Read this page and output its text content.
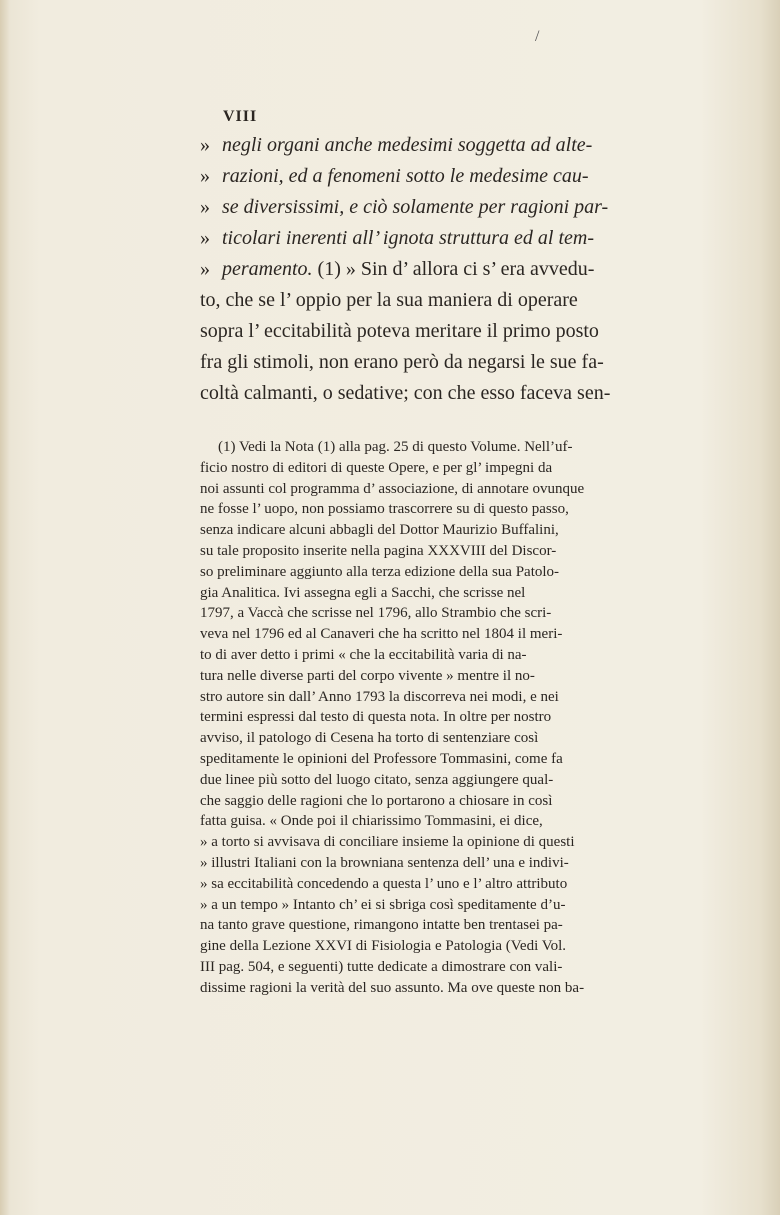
/
VIII
» negli organi anche medesimi soggetta ad alte-
» razioni, ed a fenomeni sotto le medesime cau-
» se diversissimi, e ciò solamente per ragioni par-
» ticolari inerenti all’ ignota struttura ed al tem-
» peramento. (1) » Sin d’ allora ci s’ era avvedu-
to, che se l’ oppio per la sua maniera di operare
sopra l’ eccitabilità poteva meritare il primo posto
fra gli stimoli, non erano però da negarsi le sue fa-
coltà calmanti, o sedative; con che esso faceva sen-
(1) Vedi la Nota (1) alla pag. 25 di questo Volume. Nell’uf-
ficio nostro di editori di queste Opere, e per gl’ impegni da
noi assunti col programma d’ associazione, di annotare ovunque
ne fosse l’ uopo, non possiamo trascorrere su di questo passo,
senza indicare alcuni abbagli del Dottor Maurizio Buffalini,
su tale proposito inserite nella pagina XXXVIII del Discor-
so preliminare aggiunto alla terza edizione della sua Patolo-
gia Analitica. Ivi assegna egli a Sacchi, che scrisse nel
1797, a Vaccà che scrisse nel 1796, allo Strambio che scri-
veva nel 1796 ed al Canaveri che ha scritto nel 1804 il meri-
to di aver detto i primi « che la eccitabilità varia di na-
tura nelle diverse parti del corpo vivente » mentre il no-
stro autore sin dall’ Anno 1793 la discorreva nei modi, e nei
termini espressi dal testo di questa nota. In oltre per nostro
avviso, il patologo di Cesena ha torto di sentenziare così
speditamente le opinioni del Professore Tommasini, come fa
due linee più sotto del luogo citato, senza aggiungere qual-
che saggio delle ragioni che lo portarono a chiosare in così
fatta guisa. « Onde poi il chiarissimo Tommasini, ei dice,
» a torto si avvisava di conciliare insieme la opinione di questi
» illustri Italiani con la browniana sentenza dell’ una e indivi-
» sa eccitabilità concedendo a questa l’ uno e l’ altro attributo
» a un tempo » Intanto ch’ ei si sbriga così speditamente d’u-
na tanto grave questione, rimangono intatte ben trentasei pa-
gine della Lezione XXVI di Fisiologia e Patologia (Vedi Vol.
III pag. 504, e seguenti) tutte dedicate a dimostrare con vali-
dissime ragioni la verità del suo assunto. Ma ove queste non ba-
